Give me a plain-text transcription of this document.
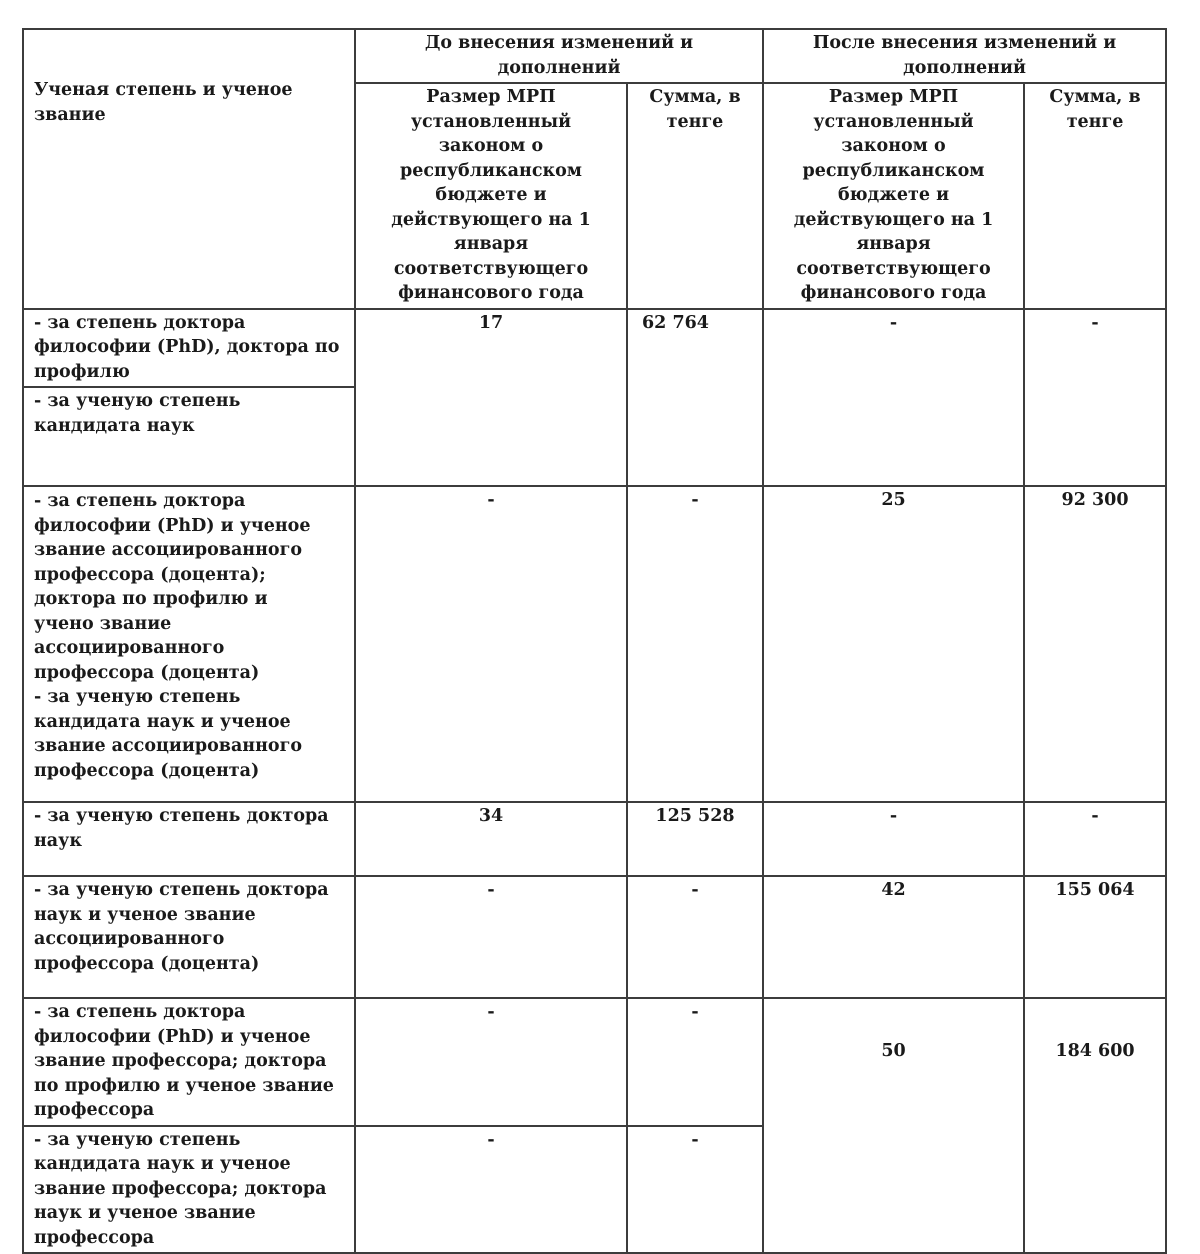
Ученая степень и ученое звание	До внесения изменений и дополнений		После внесения изменений и дополнений	
	Размер МРП установленный законом о республиканском бюджете и действующего на 1 января соответствующего финансового года	Сумма, в тенге	Размер МРП установленный законом о республиканском бюджете и действующего на 1 января соответствующего финансового года	Сумма, в тенге
- за степень доктора философии (PhD), доктора по профилю	17	62 764	-	-
- за ученую степень кандидата наук				
- за степень доктора философии (PhD) и ученое звание ассоциированного профессора (доцента); доктора по профилю и
учено звание ассоциированного профессора (доцента)
- за ученую степень кандидата наук и ученое звание ассоциированного профессора (доцента)	-	-	25	92 300
- за ученую степень доктора наук	34	125 528	-	-
- за ученую степень доктора наук и ученое звание ассоциированного профессора (доцента)	-	-	42	155 064
- за степень доктора философии (PhD) и ученое звание профессора; доктора по профилю и ученое звание профессора	-	-	50	184 600
- за ученую степень кандидата наук и ученое звание профессора; доктора наук и ученое звание профессора	-	-		
